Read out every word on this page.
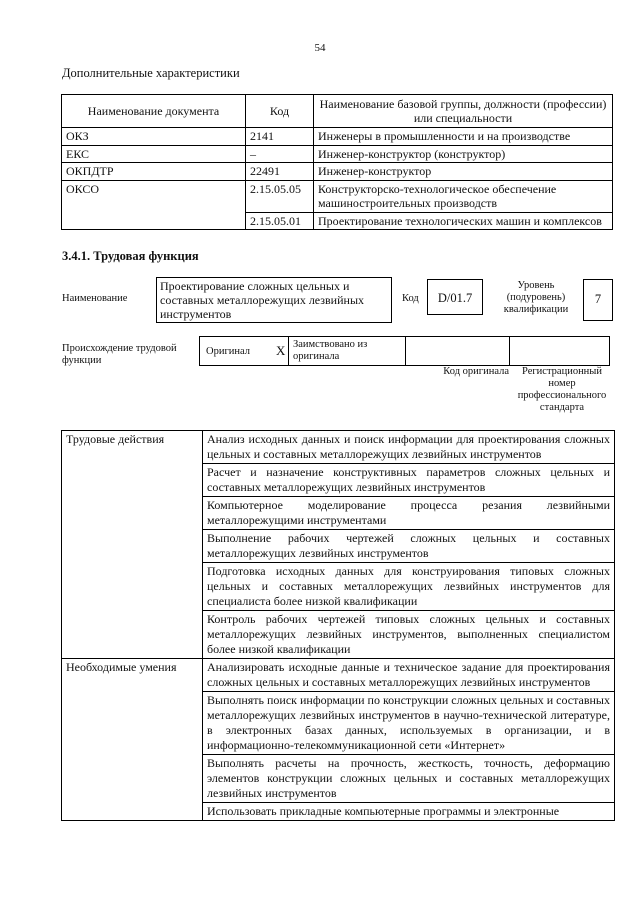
54
Дополнительные характеристики
Наименование документа	Код	Наименование базовой группы, должности (профессии) или специальности
ОКЗ	2141	Инженеры в промышленности и на производстве
ЕКС	–	Инженер-конструктор (конструктор)
ОКПДТР	22491	Инженер-конструктор
ОКСО	2.15.05.05	Конструкторско-технологическое обеспечение машиностроительных производств
	2.15.05.01	Проектирование технологических машин и комплексов
3.4.1. Трудовая функция
Наименование
Проектирование сложных цельных и составных металлорежущих лезвийных инструментов
Код	D/01.7
Уровень (подуровень) квалификации
7
Происхождение трудовой функции
Оригинал X Заимствовано из оригинала
Код оригинала	Регистрационный номер профессионального стандарта
Трудовые действия	Анализ исходных данных и поиск информации для проектирования сложных цельных и составных металлорежущих лезвийных инструментов
	Расчет и назначение конструктивных параметров сложных цельных и составных металлорежущих лезвийных инструментов
	Компьютерное моделирование процесса резания лезвийными металлорежущими инструментами
	Выполнение рабочих чертежей сложных цельных и составных металлорежущих лезвийных инструментов
	Подготовка исходных данных для конструирования типовых сложных цельных и составных металлорежущих лезвийных инструментов для специалиста более низкой квалификации
	Контроль рабочих чертежей типовых сложных цельных и составных металлорежущих лезвийных инструментов, выполненных специалистом более низкой квалификации
Необходимые умения	Анализировать исходные данные и техническое задание для проектирования сложных цельных и составных металлорежущих лезвийных инструментов
	Выполнять поиск информации по конструкции сложных цельных и составных металлорежущих лезвийных инструментов в научно-технической литературе, в электронных базах данных, используемых в организации, и в информационно-телекоммуникационной сети «Интернет»
	Выполнять расчеты на прочность, жесткость, точность, деформацию элементов конструкции сложных цельных и составных металлорежущих лезвийных инструментов
	Использовать прикладные компьютерные программы и электронные
